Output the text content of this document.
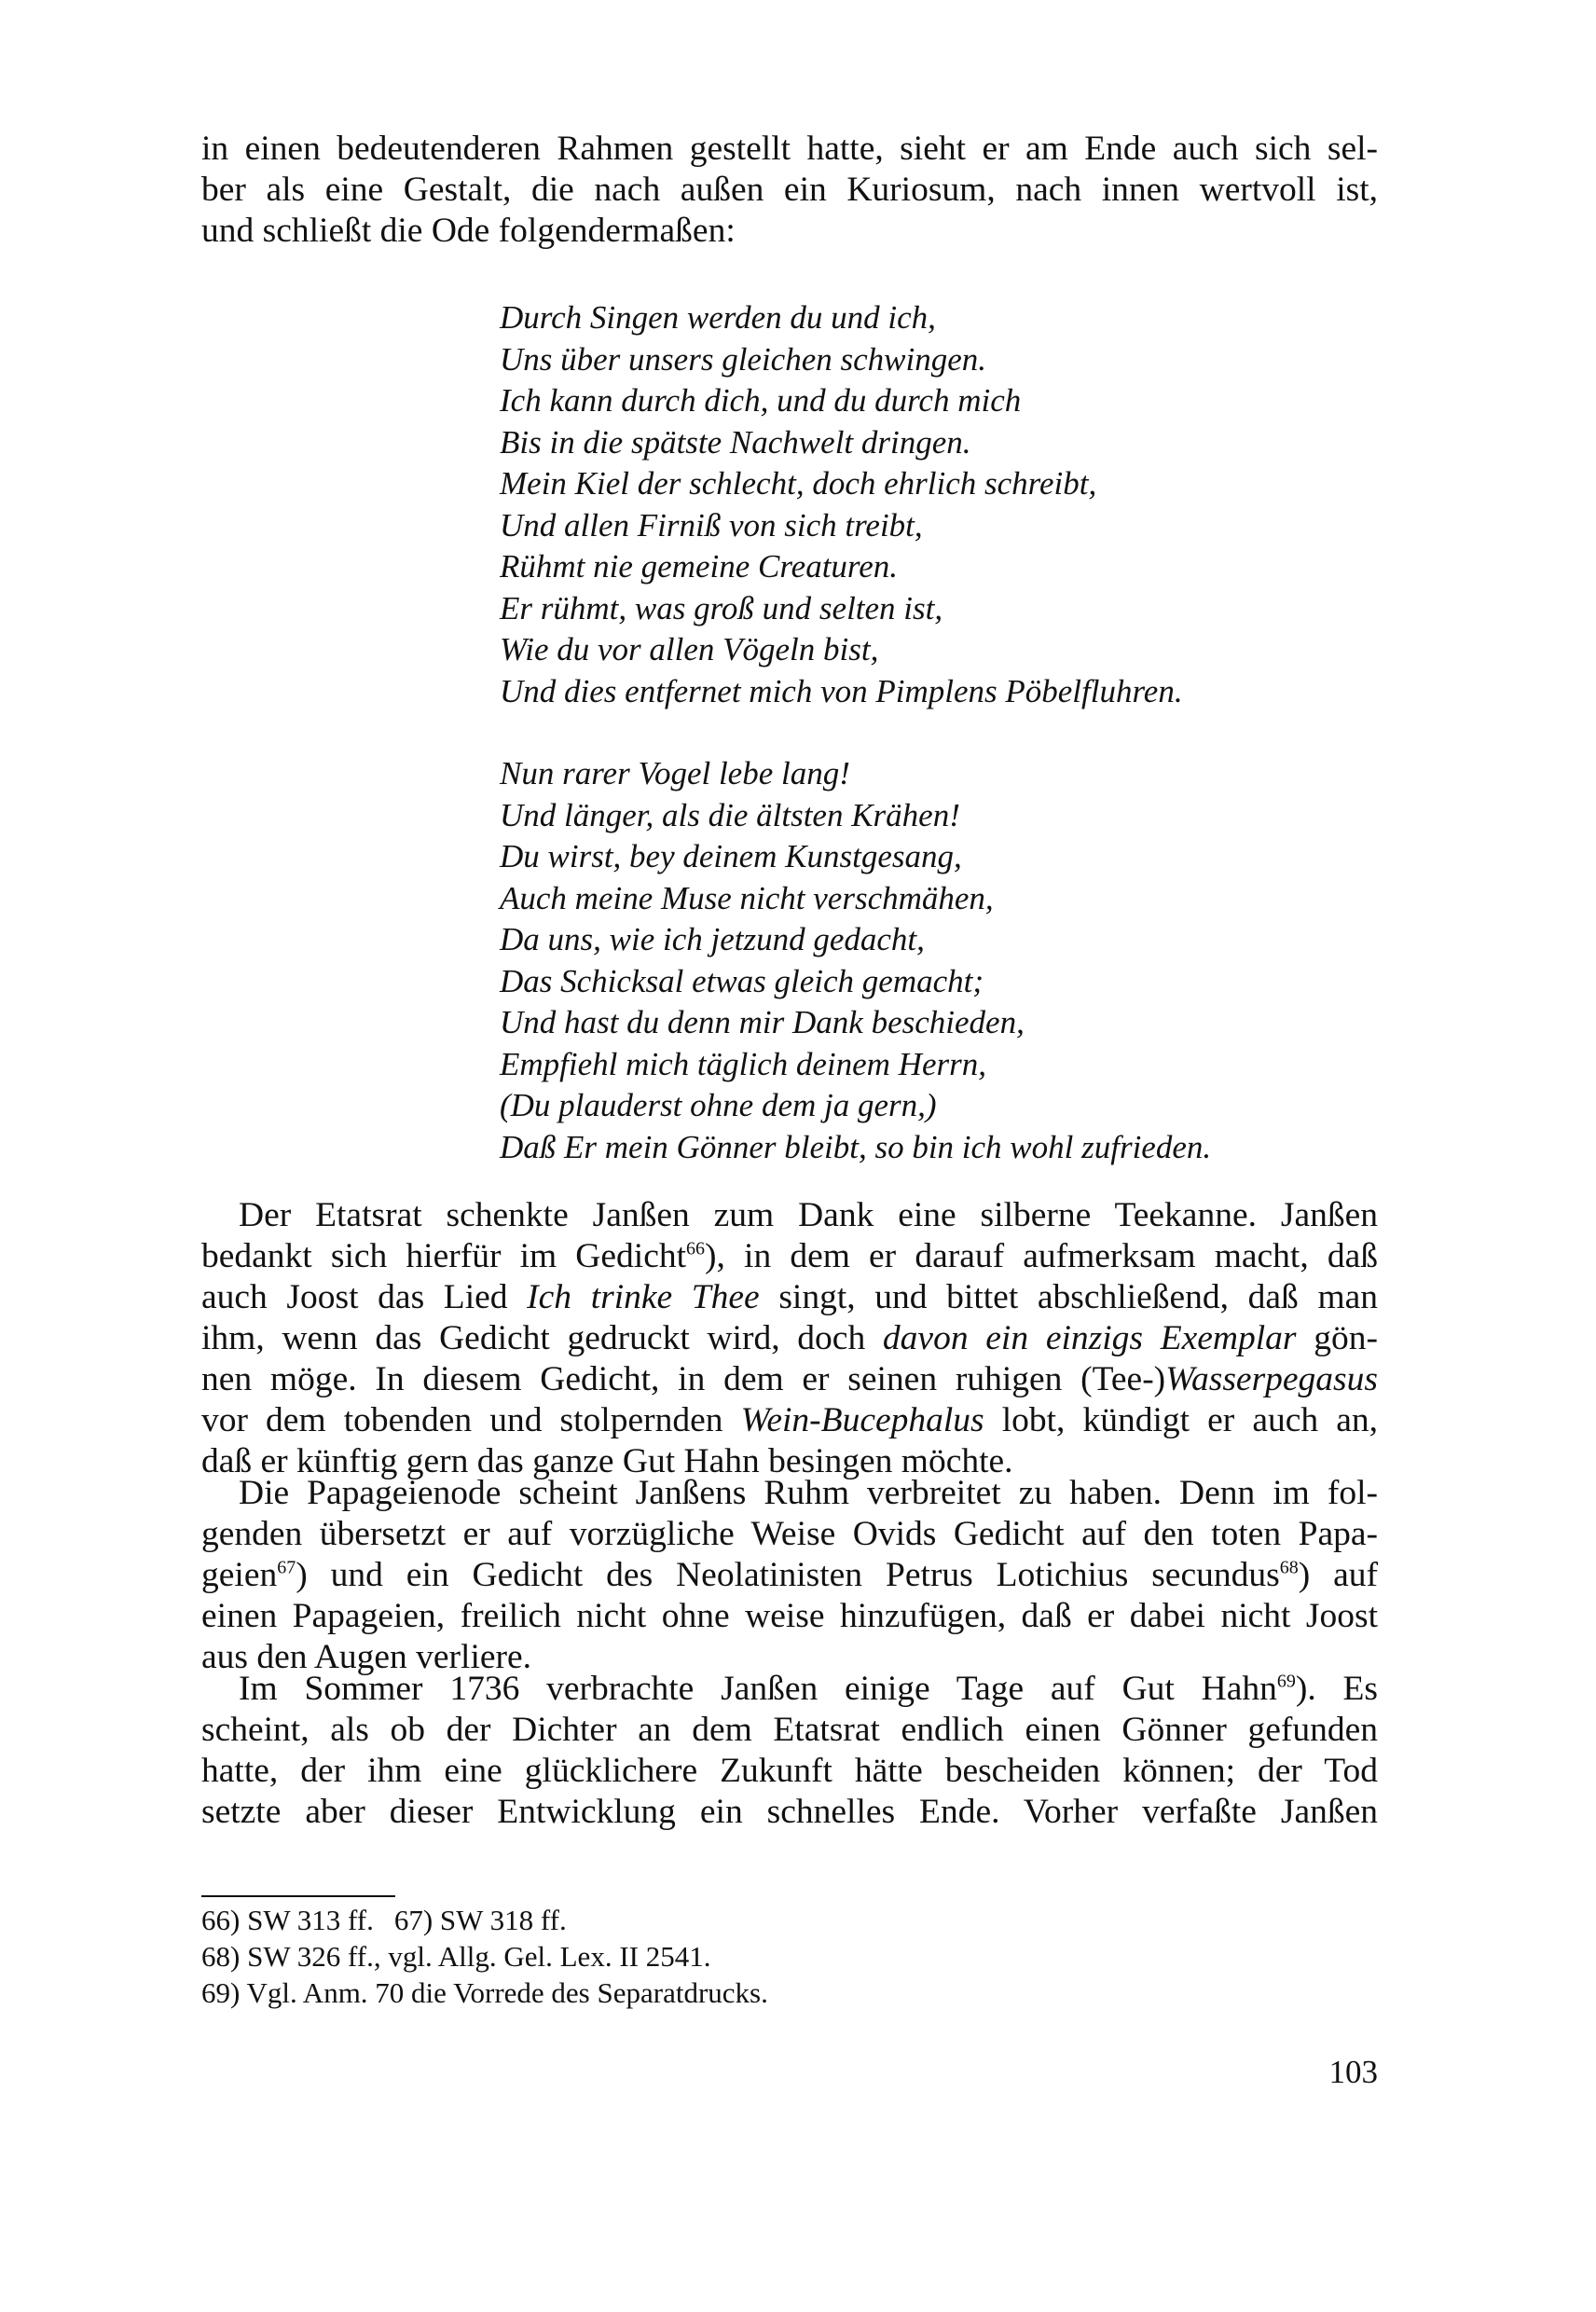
in einen bedeutenderen Rahmen gestellt hatte, sieht er am Ende auch sich sel-
ber als eine Gestalt, die nach außen ein Kuriosum, nach innen wertvoll ist,
und schließt die Ode folgendermaßen:
Durch Singen werden du und ich,
Uns über unsers gleichen schwingen.
Ich kann durch dich, und du durch mich
Bis in die spätste Nachwelt dringen.
Mein Kiel der schlecht, doch ehrlich schreibt,
Und allen Firniß von sich treibt,
Rühmt nie gemeine Creaturen.
Er rühmt, was groß und selten ist,
Wie du vor allen Vögeln bist,
Und dies entfernet mich von Pimplens Pöbelfluhren.
Nun rarer Vogel lebe lang!
Und länger, als die ältsten Krähen!
Du wirst, bey deinem Kunstgesang,
Auch meine Muse nicht verschmähen,
Da uns, wie ich jetzund gedacht,
Das Schicksal etwas gleich gemacht;
Und hast du denn mir Dank beschieden,
Empfiehl mich täglich deinem Herrn,
(Du plauderst ohne dem ja gern,)
Daß Er mein Gönner bleibt, so bin ich wohl zufrieden.
Der Etatsrat schenkte Janßen zum Dank eine silberne Teekanne. Janßen
bedankt sich hierfür im Gedicht$^{66}$), in dem er darauf aufmerksam macht, daß
auch Joost das Lied Ich trinke Thee singt, und bittet abschließend, daß man
ihm, wenn das Gedicht gedruckt wird, doch davon ein einzigs Exemplar gön-
nen möge. In diesem Gedicht, in dem er seinen ruhigen (Tee-)Wasserpegasus
vor dem tobenden und stolpernden Wein-Bucephalus lobt, kündigt er auch an,
daß er künftig gern das ganze Gut Hahn besingen möchte.
Die Papageienode scheint Janßens Ruhm verbreitet zu haben. Denn im fol-
genden übersetzt er auf vorzügliche Weise Ovids Gedicht auf den toten Papa-
geien$^{67}$) und ein Gedicht des Neolatinisten Petrus Lotichius secundus$^{68}$) auf
einen Papageien, freilich nicht ohne weise hinzufügen, daß er dabei nicht Joost
aus den Augen verliere.
Im Sommer 1736 verbrachte Janßen einige Tage auf Gut Hahn$^{69}$). Es
scheint, als ob der Dichter an dem Etatsrat endlich einen Gönner gefunden
hatte, der ihm eine glücklichere Zukunft hätte bescheiden können; der Tod
setzte aber dieser Entwicklung ein schnelles Ende. Vorher verfaßte Janßen
66) SW 313 ff. 67) SW 318 ff.
68) SW 326 ff., vgl. Allg. Gel. Lex. II 2541.
69) Vgl. Anm. 70 die Vorrede des Separatdrucks.
103
